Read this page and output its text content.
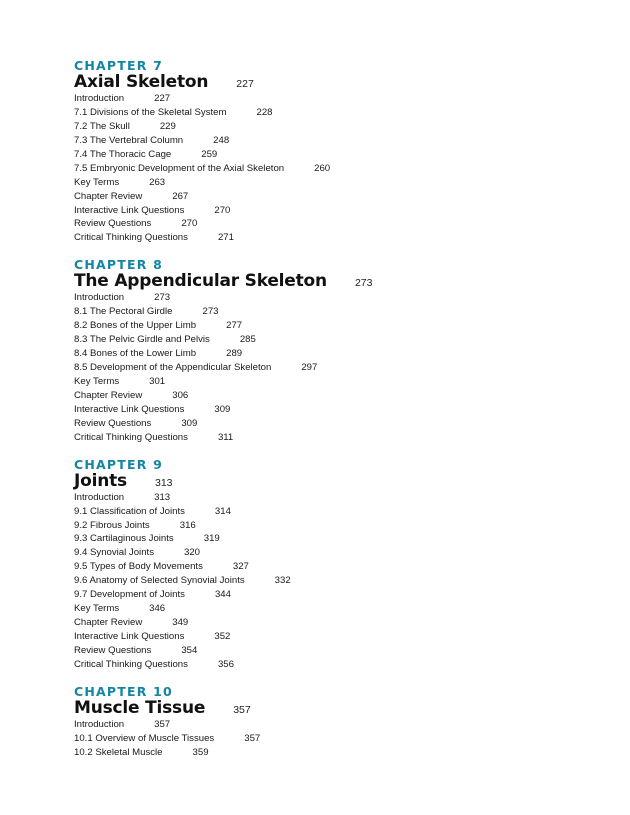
CHAPTER 7
Axial Skeleton	227
Introduction	227
7.1 Divisions of the Skeletal System	228
7.2 The Skull	229
7.3 The Vertebral Column	248
7.4 The Thoracic Cage	259
7.5 Embryonic Development of the Axial Skeleton	260
Key Terms	263
Chapter Review	267
Interactive Link Questions	270
Review Questions	270
Critical Thinking Questions	271
CHAPTER 8
The Appendicular Skeleton	273
Introduction	273
8.1 The Pectoral Girdle	273
8.2 Bones of the Upper Limb	277
8.3 The Pelvic Girdle and Pelvis	285
8.4 Bones of the Lower Limb	289
8.5 Development of the Appendicular Skeleton	297
Key Terms	301
Chapter Review	306
Interactive Link Questions	309
Review Questions	309
Critical Thinking Questions	311
CHAPTER 9
Joints	313
Introduction	313
9.1 Classification of Joints	314
9.2 Fibrous Joints	316
9.3 Cartilaginous Joints	319
9.4 Synovial Joints	320
9.5 Types of Body Movements	327
9.6 Anatomy of Selected Synovial Joints	332
9.7 Development of Joints	344
Key Terms	346
Chapter Review	349
Interactive Link Questions	352
Review Questions	354
Critical Thinking Questions	356
CHAPTER 10
Muscle Tissue	357
Introduction	357
10.1 Overview of Muscle Tissues	357
10.2 Skeletal Muscle	359
